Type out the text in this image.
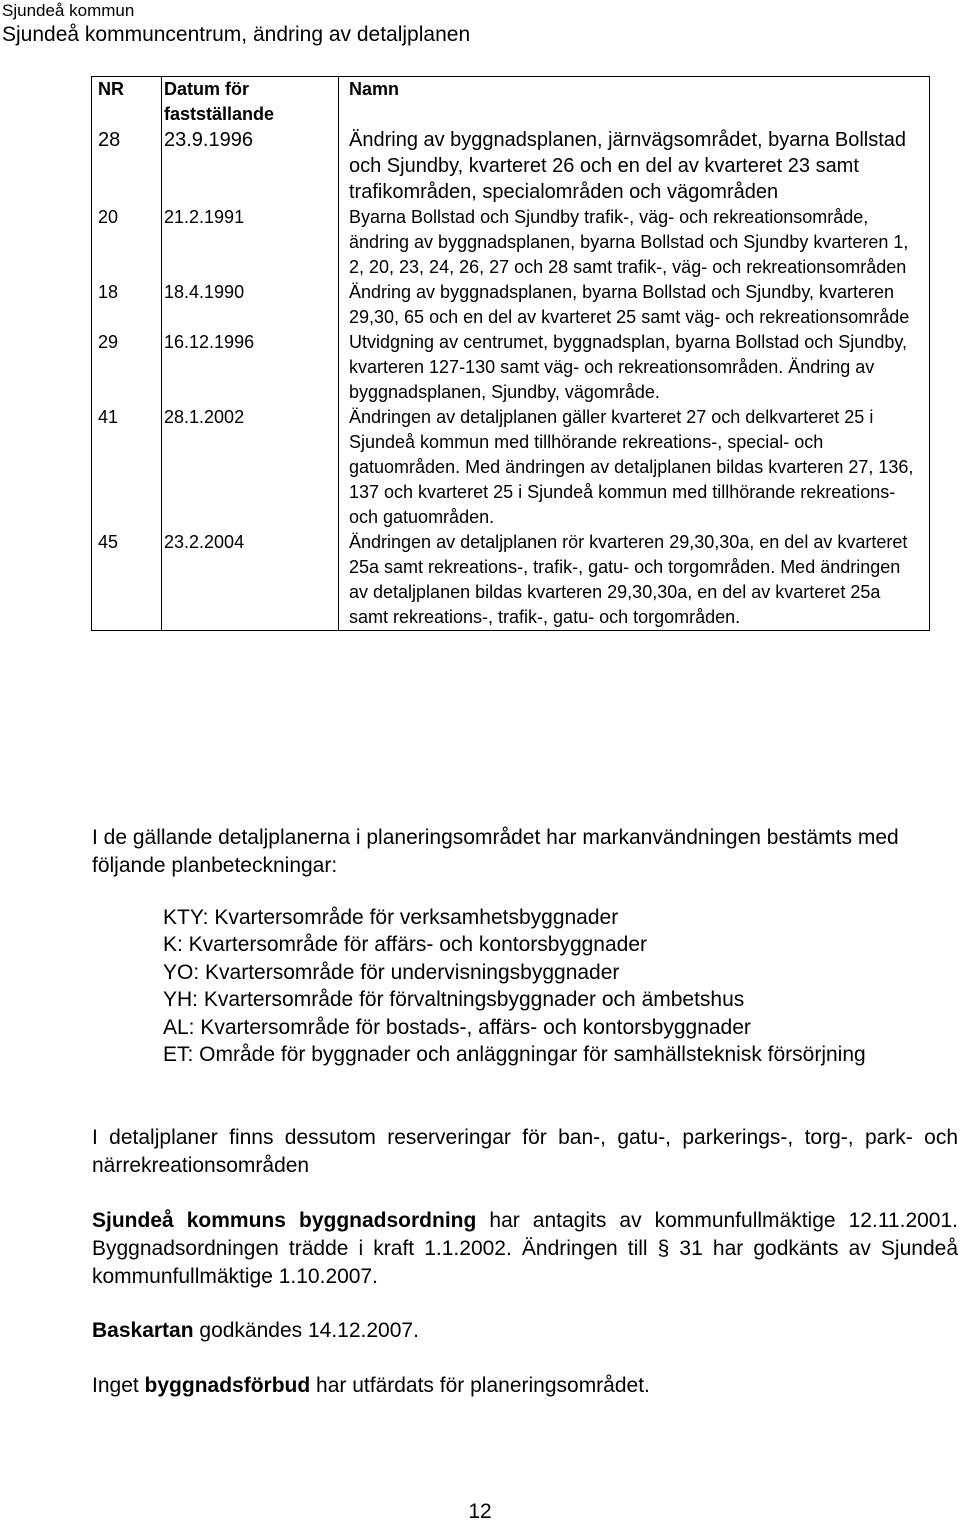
Sjundeå kommun
Sjundeå kommuncentrum, ändring av detaljplanen
NR	Datum för fastställande	Namn
28	23.9.1996	Ändring av byggnadsplanen, järnvägsområdet, byarna Bollstad och Sjundby, kvarteret 26 och en del av kvarteret 23 samt trafikområden, specialområden och vägområden
20	21.2.1991	Byarna Bollstad och Sjundby trafik-, väg- och rekreationsområde, ändring av byggnadsplanen, byarna Bollstad och Sjundby kvarteren 1, 2, 20, 23, 24, 26, 27 och 28 samt trafik-, väg- och rekreationsområden
18	18.4.1990	Ändring av byggnadsplanen, byarna Bollstad och Sjundby, kvarteren 29,30, 65 och en del av kvarteret 25 samt väg- och rekreationsområde
29	16.12.1996	Utvidgning av centrumet, byggnadsplan, byarna Bollstad och Sjundby, kvarteren 127-130 samt väg- och rekreationsområden. Ändring av byggnadsplanen, Sjundby, vägområde.
41	28.1.2002	Ändringen av detaljplanen gäller kvarteret 27 och delkvarteret 25 i Sjundeå kommun med tillhörande rekreations-, special- och gatuområden. Med ändringen av detaljplanen bildas kvarteren 27, 136, 137 och kvarteret 25 i Sjundeå kommun med tillhörande rekreations- och gatuområden.
45	23.2.2004	Ändringen av detaljplanen rör kvarteren 29,30,30a, en del av kvarteret 25a samt rekreations-, trafik-, gatu- och torgområden. Med ändringen av detaljplanen bildas kvarteren 29,30,30a, en del av kvarteret 25a samt rekreations-, trafik-, gatu- och torgområden.
I de gällande detaljplanerna i planeringsområdet har markanvändningen bestämts med följande planbeteckningar:

KTY: Kvartersområde för verksamhetsbyggnader

K: Kvartersområde för affärs- och kontorsbyggnader

YO: Kvartersområde för undervisningsbyggnader

YH: Kvartersområde för förvaltningsbyggnader och ämbetshus

AL: Kvartersområde för bostads-, affärs- och kontorsbyggnader

ET: Område för byggnader och anläggningar för samhällsteknisk försörjning

I detaljplaner finns dessutom reserveringar för ban-, gatu-, parkerings-, torg-, park- och närrekreationsområden
Sjundeå kommuns byggnadsordning har antagits av kommunfullmäktige 12.11.2001. Byggnadsordningen trädde i kraft 1.1.2002. Ändringen till § 31 har godkänts av Sjundeå kommunfullmäktige 1.10.2007.
Baskartan godkändes 14.12.2007.
Inget byggnadsförbud har utfärdats för planeringsområdet.
12
